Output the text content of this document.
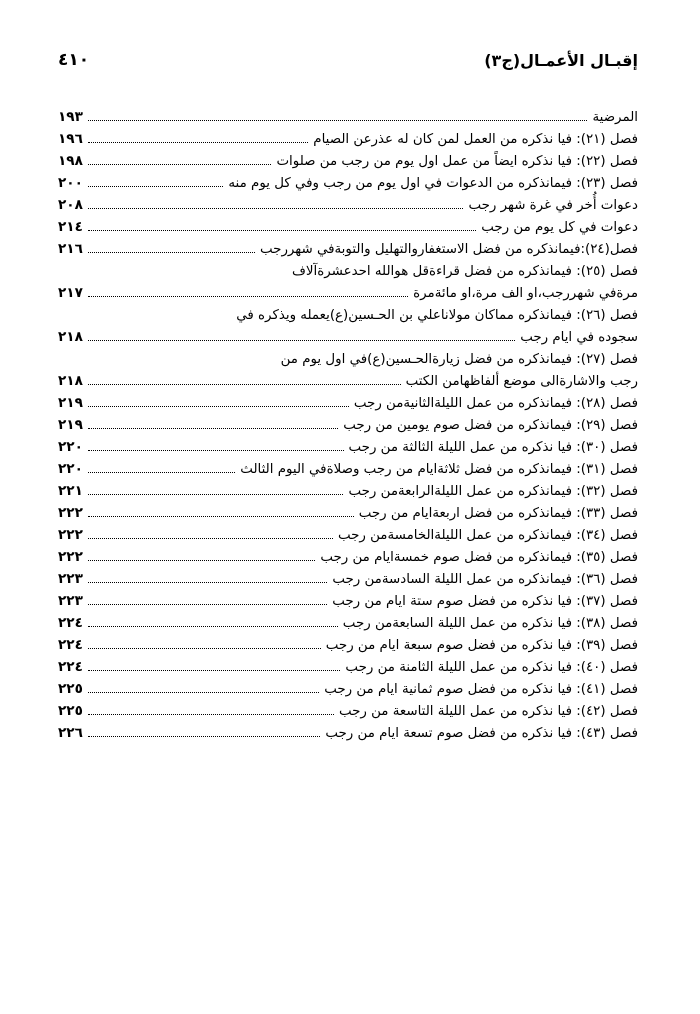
إقبـال الأعمـال(ج٣)
٤١٠
المرضية
١٩٣
فصل (٢١): فيا نذكره من العمل لمن كان له عذرعن الصيام
١٩٦
فصل (٢٢): فيا نذكره ايضاً من عمل اول يوم من رجب من صلوات
١٩٨
فصل (٢٣): فيمانذكره من الدعوات في اول يوم من رجب وفي كل يوم منه
٢٠٠
دعوات أُخر في غرة شهر رجب
٢٠٨
دعوات في كل يوم من رجب
٢١٤
فصل(٢٤):فيمانذكره من فضل الاستغفاروالتهليل والتوبةفي شهررجب
٢١٦
فصل (٢٥): فيمانذكره من فضل قراءةقل هوالله احدعشرةآلاف
مرةفي شهررجب،او الف مرة،او مائةمرة
٢١٧
فصل (٢٦): فيمانذكره مماكان مولاناعلي بن الحـسين(ع)يعمله ويذكره في
سجوده في ايام رجب
٢١٨
فصل (٢٧): فيمانذكره من فضل زيارةالحـسين(ع)في اول يوم من
رجب والاشارةالى موضع ألفاظهامن الكتب
٢١٨
فصل (٢٨): فيمانذكره من عمل الليلةالثانيةمن رجب
٢١٩
فصل (٢٩): فيمانذكره من فضل صوم يومين من رجب
٢١٩
فصل (٣٠): فيا نذكره من عمل الليلة الثالثة من رجب
٢٢٠
فصل (٣١): فيمانذكره من فضل ثلاثةايام من رجب وصلاةفي اليوم الثالث
٢٢٠
فصل (٣٢): فيمانذكره من عمل الليلةالرابعةمن رجب
٢٢١
فصل (٣٣): فيمانذكره من فضل اربعةايام من رجب
٢٢٢
فصل (٣٤): فيمانذكره من عمل الليلةالخامسةمن رجب
٢٢٢
فصل (٣٥): فيمانذكره من فضل صوم خمسةايام من رجب
٢٢٢
فصل (٣٦): فيمانذكره من عمل الليلة السادسةمن رجب
٢٢٣
فصل (٣٧): فيا نذكره من فضل صوم ستة ايام من رجب
٢٢٣
فصل (٣٨): فيا نذكره من عمل الليلة السابعةمن رجب
٢٢٤
فصل (٣٩): فيا نذكره من فضل صوم سبعة ايام من رجب
٢٢٤
فصل (٤٠): فيا نذكره من عمل الليلة الثامنة من رجب
٢٢٤
فصل (٤١): فيا نذكره من فضل صوم ثمانية ايام من رجب
٢٢٥
فصل (٤٢): فيا نذكره من عمل الليلة التاسعة من رجب
٢٢٥
فصل (٤٣): فيا نذكره من فضل صوم تسعة ايام من رجب
٢٢٦
